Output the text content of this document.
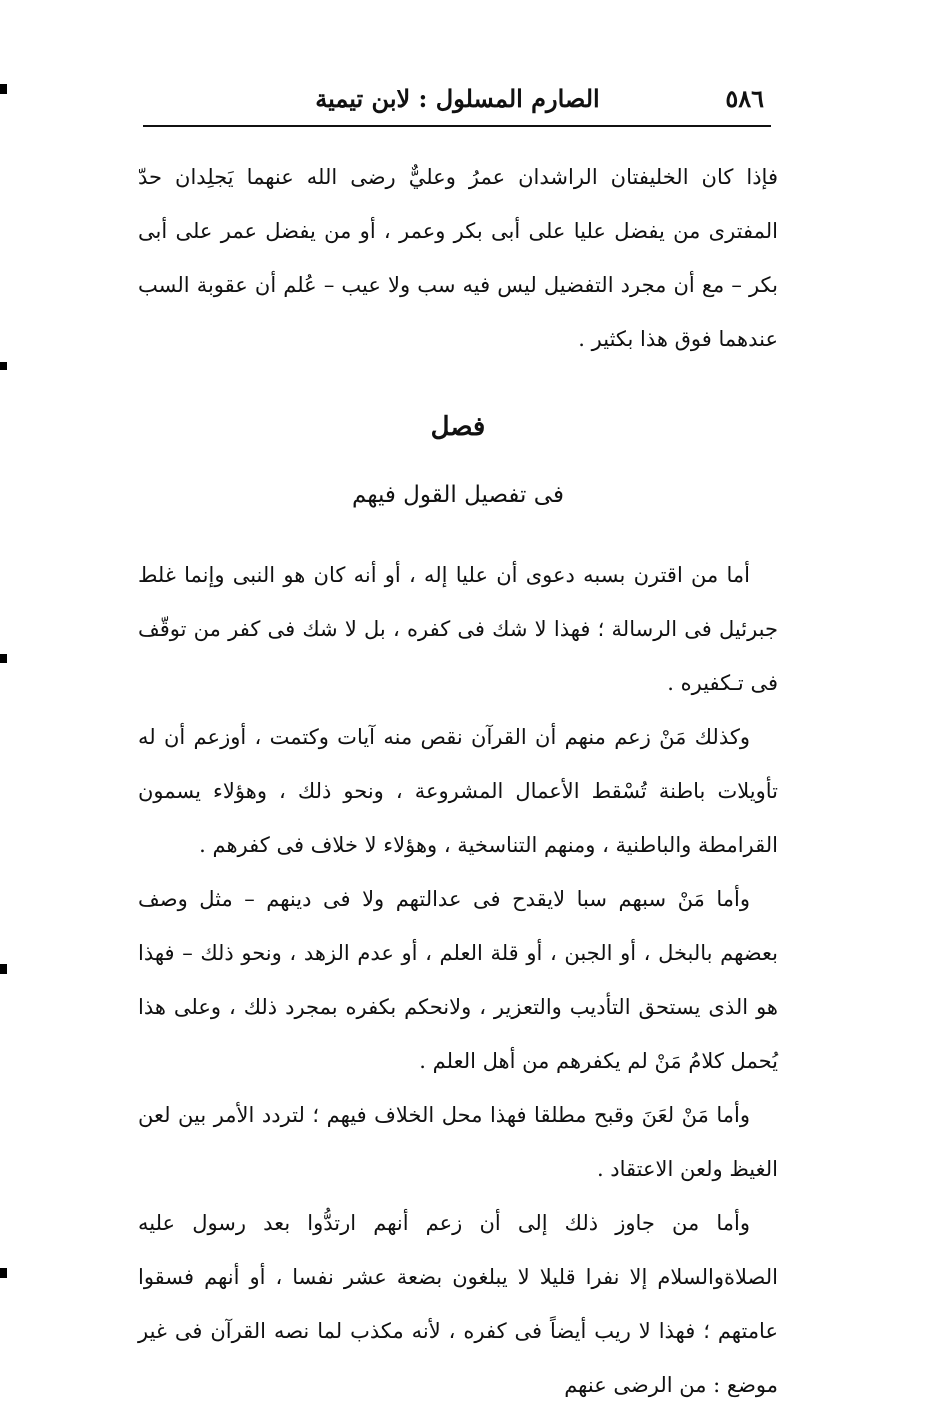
٥٨٦
الصارم المسلول : لابن تيمية

فإذا كان الخليفتان الراشدان عمرُ وعليٌّ رضى الله عنهما يَجلِدان حدّ المفترى من يفضل عليا على أبى بكر وعمر ، أو من يفضل عمر على أبى بكر – مع أن مجرد التفضيل ليس فيه سب ولا عيب – عُلم أن عقوبة السب عندهما فوق هذا بكثير .

فصل
فى تفصيل القول فيهم

أما من اقترن بسبه دعوى أن عليا إله ، أو أنه كان هو النبى وإنما غلط جبرئيل فى الرسالة ؛ فهذا لا شك فى كفره ، بل لا شك فى كفر من توقّف فى تـكفيره .

وكذلك مَنْ زعم منهم أن القرآن نقص منه آيات وكتمت ، أوزعم أن له تأويلات باطنة تُسْقط الأعمال المشروعة ، ونحو ذلك ، وهؤلاء يسمون القرامطة والباطنية ، ومنهم التناسخية ، وهؤلاء لا خلاف فى كفرهم .

وأما مَنْ سبهم سبا لايقدح فى عدالتهم ولا فى دينهم – مثل وصف بعضهم بالبخل ، أو الجبن ، أو قلة العلم ، أو عدم الزهد ، ونحو ذلك – فهذا هو الذى يستحق التأديب والتعزير ، ولانحكم بكفره بمجرد ذلك ، وعلى هذا يُحمل كلامُ مَنْ لم يكفرهم من أهل العلم .

وأما مَنْ لعَنَ وقبح مطلقا فهذا محل الخلاف فيهم ؛ لتردد الأمر بين لعن الغيظ ولعن الاعتقاد .

وأما من جاوز ذلك إلى أن زعم أنهم ارتدُّوا بعد رسول عليه الصلاةوالسلام إلا نفرا قليلا لا يبلغون بضعة عشر نفسا ، أو أنهم فسقوا عامتهم ؛ فهذا لا ريب أيضاً فى كفره ، لأنه مكذب لما نصه القرآن فى غير موضع : من الرضى عنهم
